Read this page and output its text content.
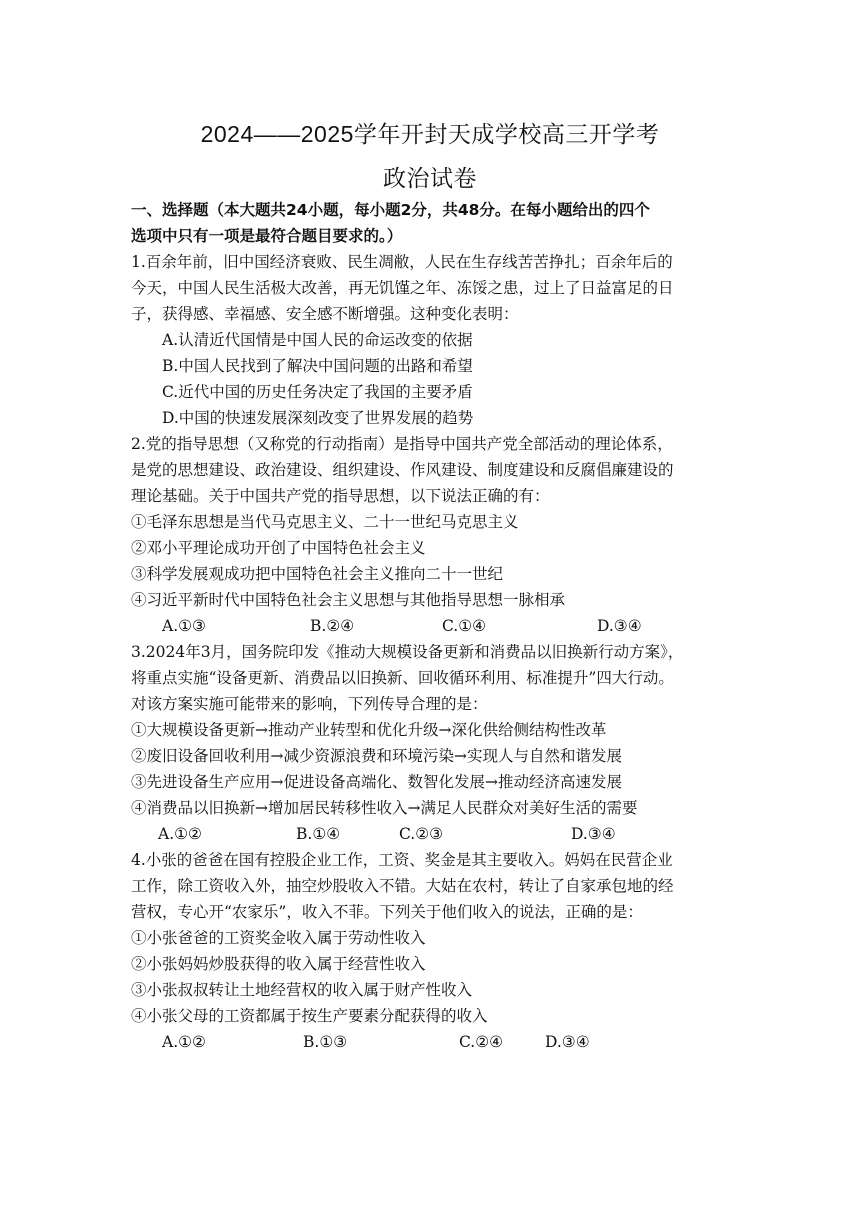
2024——2025学年开封天成学校高三开学考
政治试卷
一、选择题（本大题共24小题，每小题2分，共48分。在每小题给出的四个
选项中只有一项是最符合题目要求的。）
1.百余年前，旧中国经济衰败、民生凋敝，人民在生存线苦苦挣扎；百余年后的
今天，中国人民生活极大改善，再无饥馑之年、冻馁之患，过上了日益富足的日
子，获得感、幸福感、安全感不断增强。这种变化表明：
A.认清近代国情是中国人民的命运改变的依据
B.中国人民找到了解决中国问题的出路和希望
C.近代中国的历史任务决定了我国的主要矛盾
D.中国的快速发展深刻改变了世界发展的趋势
2.党的指导思想（又称党的行动指南）是指导中国共产党全部活动的理论体系，
是党的思想建设、政治建设、组织建设、作风建设、制度建设和反腐倡廉建设的
理论基础。关于中国共产党的指导思想，以下说法正确的有：
①毛泽东思想是当代马克思主义、二十一世纪马克思主义
②邓小平理论成功开创了中国特色社会主义
③科学发展观成功把中国特色社会主义推向二十一世纪
④习近平新时代中国特色社会主义思想与其他指导思想一脉相承
A.①③	B.②④	C.①④	D.③④
3.2024年3月，国务院印发《推动大规模设备更新和消费品以旧换新行动方案》，
将重点实施“设备更新、消费品以旧换新、回收循环利用、标准提升”四大行动。
对该方案实施可能带来的影响，下列传导合理的是：
①大规模设备更新→推动产业转型和优化升级→深化供给侧结构性改革
②废旧设备回收利用→减少资源浪费和环境污染→实现人与自然和谐发展
③先进设备生产应用→促进设备高端化、数智化发展→推动经济高速发展
④消费品以旧换新→增加居民转移性收入→满足人民群众对美好生活的需要
A.①②	B.①④	C.②③	D.③④
4.小张的爸爸在国有控股企业工作，工资、奖金是其主要收入。妈妈在民营企业
工作，除工资收入外，抽空炒股收入不错。大姑在农村，转让了自家承包地的经
营权，专心开“农家乐”，收入不菲。下列关于他们收入的说法，正确的是：
①小张爸爸的工资奖金收入属于劳动性收入
②小张妈妈炒股获得的收入属于经营性收入
③小张叔叔转让土地经营权的收入属于财产性收入
④小张父母的工资都属于按生产要素分配获得的收入
A.①②	B.①③	C.②④	D.③④
